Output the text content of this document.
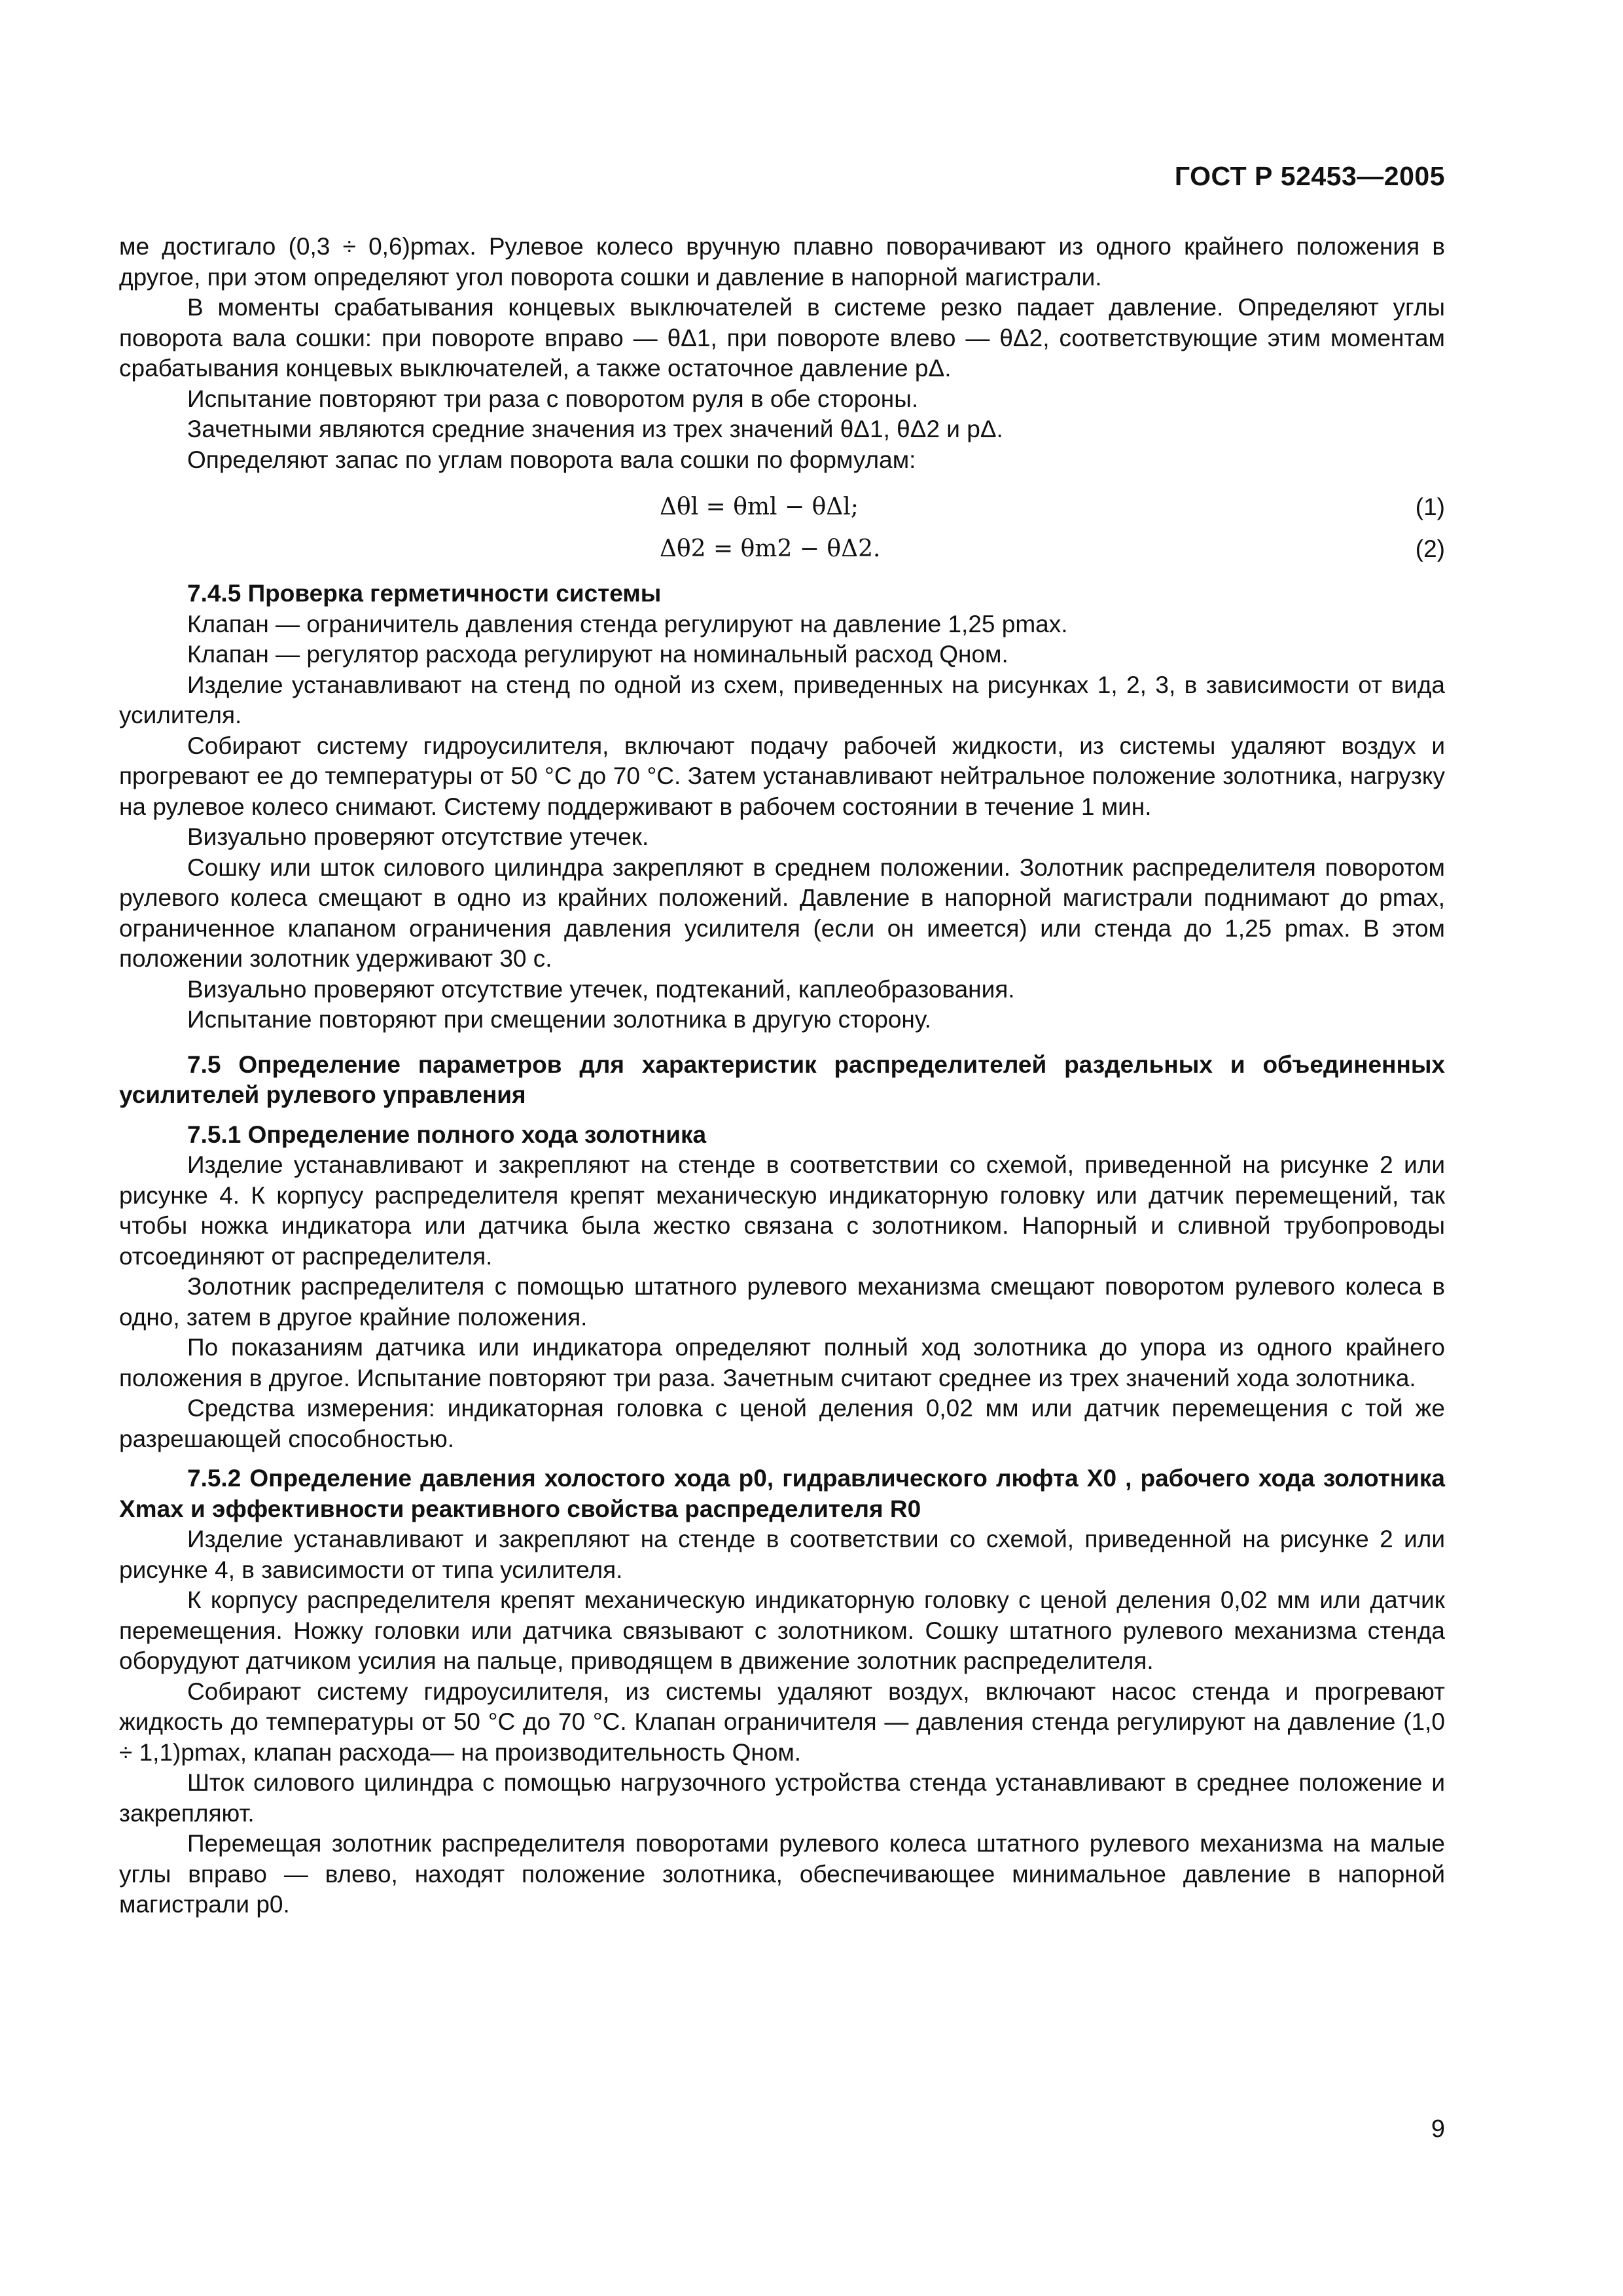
ГОСТ Р 52453—2005

ме достигало (0,3 ÷ 0,6)pmax. Рулевое колесо вручную плавно поворачивают из одного крайнего положения в другое, при этом определяют угол поворота сошки и давление в напорной магистрали.

В моменты срабатывания концевых выключателей в системе резко падает давление. Определяют углы поворота вала сошки: при повороте вправо — θΔ1, при повороте влево — θΔ2, соответствующие этим моментам срабатывания концевых выключателей, а также остаточное давление pΔ.

Испытание повторяют три раза с поворотом руля в обе стороны.

Зачетными являются средние значения из трех значений θΔ1, θΔ2 и pΔ.

Определяют запас по углам поворота вала сошки по формулам:

Δθl = θml − θΔl;	(1)
Δθ2 = θm2 − θΔ2.	(2)

7.4.5 Проверка герметичности системы

Клапан — ограничитель давления стенда регулируют на давление 1,25 pmax.

Клапан — регулятор расхода регулируют на номинальный расход Qном.

Изделие устанавливают на стенд по одной из схем, приведенных на рисунках 1, 2, 3, в зависимости от вида усилителя.

Собирают систему гидроусилителя, включают подачу рабочей жидкости, из системы удаляют воздух и прогревают ее до температуры от 50 °С до 70 °С. Затем устанавливают нейтральное положение золотника, нагрузку на рулевое колесо снимают. Систему поддерживают в рабочем состоянии в течение 1 мин.

Визуально проверяют отсутствие утечек.

Сошку или шток силового цилиндра закрепляют в среднем положении. Золотник распределителя поворотом рулевого колеса смещают в одно из крайних положений. Давление в напорной магистрали поднимают до pmax, ограниченное клапаном ограничения давления усилителя (если он имеется) или стенда до 1,25 pmax. В этом положении золотник удерживают 30 с.

Визуально проверяют отсутствие утечек, подтеканий, каплеобразования.

Испытание повторяют при смещении золотника в другую сторону.

7.5 Определение параметров для характеристик распределителей раздельных и объединенных усилителей рулевого управления

7.5.1 Определение полного хода золотника

Изделие устанавливают и закрепляют на стенде в соответствии со схемой, приведенной на рисунке 2 или рисунке 4. К корпусу распределителя крепят механическую индикаторную головку или датчик перемещений, так чтобы ножка индикатора или датчика была жестко связана с золотником. Напорный и сливной трубопроводы отсоединяют от распределителя.

Золотник распределителя с помощью штатного рулевого механизма смещают поворотом рулевого колеса в одно, затем в другое крайние положения.

По показаниям датчика или индикатора определяют полный ход золотника до упора из одного крайнего положения в другое. Испытание повторяют три раза. Зачетным считают среднее из трех значений хода золотника.

Средства измерения: индикаторная головка с ценой деления 0,02 мм или датчик перемещения с той же разрешающей способностью.

7.5.2 Определение давления холостого хода p0, гидравлического люфта X0 , рабочего хода золотника Xmax и эффективности реактивного свойства распределителя R0

Изделие устанавливают и закрепляют на стенде в соответствии со схемой, приведенной на рисунке 2 или рисунке 4, в зависимости от типа усилителя.

К корпусу распределителя крепят механическую индикаторную головку с ценой деления 0,02 мм или датчик перемещения. Ножку головки или датчика связывают с золотником. Сошку штатного рулевого механизма стенда оборудуют датчиком усилия на пальце, приводящем в движение золотник распределителя.

Собирают систему гидроусилителя, из системы удаляют воздух, включают насос стенда и прогревают жидкость до температуры от 50 °С до 70 °С. Клапан ограничителя — давления стенда регулируют на давление (1,0 ÷ 1,1)pmax, клапан расхода— на производительность Qном.

Шток силового цилиндра с помощью нагрузочного устройства стенда устанавливают в среднее положение и закрепляют.

Перемещая золотник распределителя поворотами рулевого колеса штатного рулевого механизма на малые углы вправо — влево, находят положение золотника, обеспечивающее минимальное давление в напорной магистрали p0.

9
